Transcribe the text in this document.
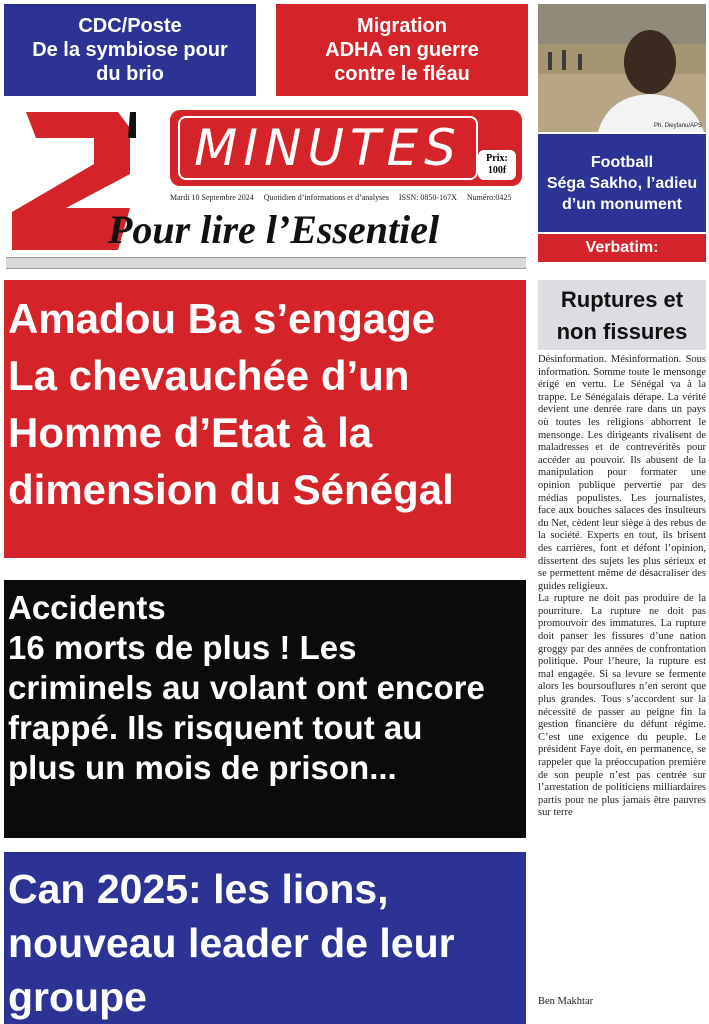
CDC/Poste
De la symbiose pour
du brio
Migration
ADHA en guerre
contre le fléau
Ph. Dieyfanu/APS
Football
Séga Sakho, l’adieu
d’un monument
Verbatim:
MINUTES	Prix:
100f
Mardi 10 Septembre 2024 Quotidien d’informations et d’analyses ISSN: 0850-167X Numéro:0425
Pour lire l’Essentiel
Amadou Ba s’engage
La chevauchée d’un
Homme d’Etat à la
dimension du Sénégal
Accidents
16 morts de plus ! Les
criminels au volant ont encore
frappé. Ils risquent tout au
plus un mois de prison...
Can 2025: les lions,
nouveau leader de leur
groupe
Ruptures et
non fissures

Désinformation. Mésinformation. Sous information. Somme toute le mensonge érigé en vertu. Le Sénégal va à la trappe. Le Sénégalais dérape. La vérité devient une denrée rare dans un pays où toutes les religions abhorrent le mensonge. Les dirigeants rivalisent de maladresses et de contrevérités pour accéder au pouvoir. Ils abusent de la manipulation pour formater une opinion publique pervertie par des médias populistes. Les journalistes, face aux bouches salaces des insulteurs du Net, cèdent leur siège à des rebus de la société. Experts en tout, ils brisent des carrières, font et défont l’opinion, dissertent des sujets les plus sérieux et se permettent même de désacraliser des guides religieux.

La rupture ne doit pas produire de la pourriture. La rupture ne doit pas promouvoir des immatures. La rupture doit panser les fissures d’une nation groggy par des années de confrontation politique. Pour l’heure, la rupture est mal engagée. Si sa levure se fermente alors les boursouflures n’en seront que plus grandes. Tous s’accordent sur la nécessité de passer au peigne fin la gestion financière du défunt régime. C’est une exigence du peuple. Le président Faye doit, en permanence, se rappeler que la préoccupation première de son peuple n’est pas centrée sur l’arrestation de politiciens milliardaires partis pour ne plus jamais être pauvres sur terre

Ben Makhtar
